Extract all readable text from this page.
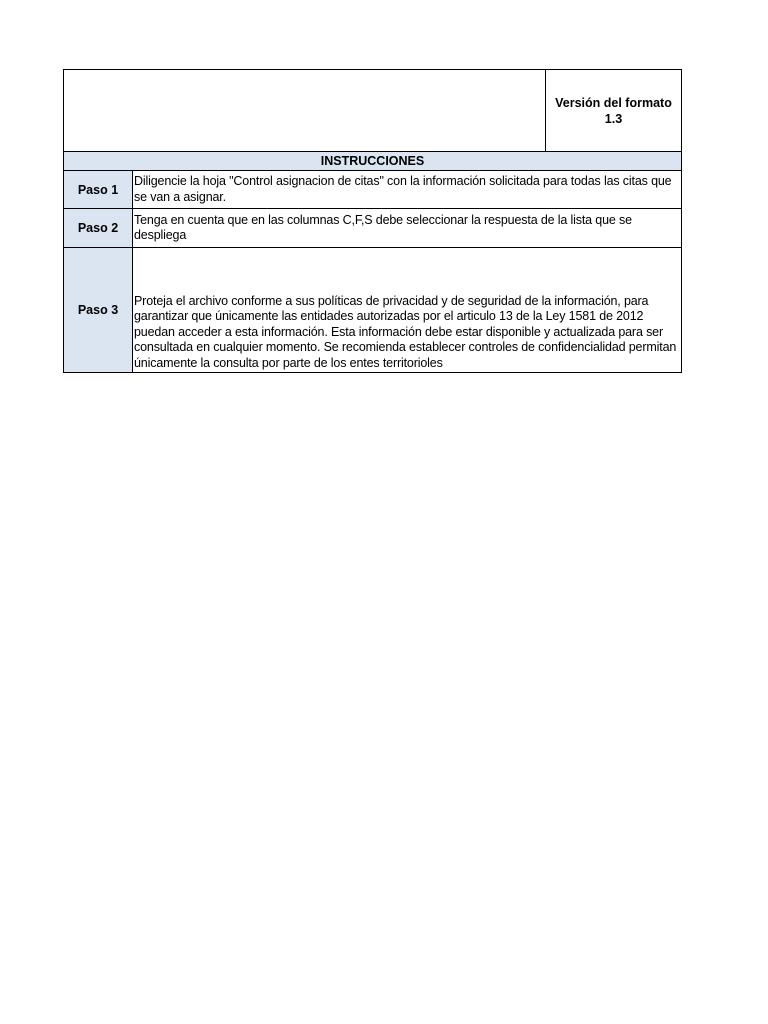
Versión del formato
1.3
INSTRUCCIONES
Paso 1
Diligencie la hoja "Control asignacion de citas" con la información solicitada para todas las citas que se van a asignar.
Paso 2
Tenga en cuenta que en las columnas C,F,S debe seleccionar la respuesta de la lista que se despliega
Paso 3
Proteja el archivo conforme a sus políticas de privacidad y de seguridad de la información, para garantizar que únicamente las entidades autorizadas por el articulo 13 de la Ley 1581 de 2012 puedan acceder a esta información. Esta información debe estar disponible y actualizada para ser consultada en cualquier momento. Se recomienda establecer controles de confidencialidad permitan únicamente la consulta por parte de los entes territorioles
